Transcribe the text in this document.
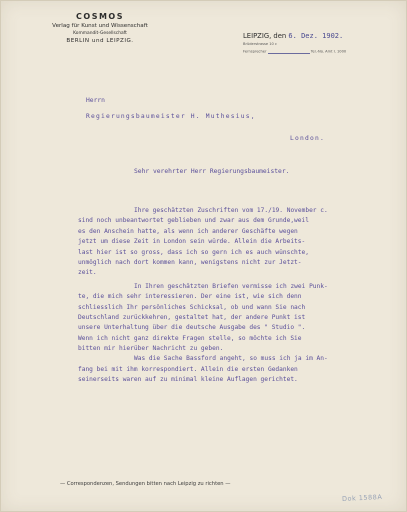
COSMOS
Verlag für Kunst und Wissenschaft
Kommandit-Gesellschaft
BERLIN und LEIPZIG.
LEIPZIG, den 6. Dez. 1902.
Brüderstrasse 10 c
Fernsprecher	Tel.-No. Amt I. 1000
Herrn
Regierungsbaumeister H. Muthesius,
London.
Sehr verehrter Herr Regierungsbaumeister.
Ihre geschätzten Zuschriften vom 17./19. November c.
sind noch unbeantwortet geblieben und zwar aus dem Grunde,weil
es den Anschein hatte, als wenn ich anderer Geschäfte wegen
jetzt um diese Zeit in London sein würde. Allein die Arbeits-
last hier ist so gross, dass ich so gern ich es auch wünschte,
unmöglich nach dort kommen kann, wenigstens nicht zur Jetzt-
zeit.
In Ihren geschätzten Briefen vermisse ich zwei Punk-
te, die mich sehr interessieren. Der eine ist, wie sich denn
schliesslich Ihr persönliches Schicksal, ob und wann Sie nach
Deutschland zurückkehren, gestaltet hat, der andere Punkt ist
unsere Unterhaltung über die deutsche Ausgabe des " Studio ".
Wenn ich nicht ganz direkte Fragen stelle, so möchte ich Sie
bitten mir hierüber Nachricht zu geben.
Was die Sache Bassford angeht, so muss ich ja im An-
fang bei mit ihm korrespondiert. Allein die ersten Gedanken
seinerseits waren auf zu minimal kleine Auflagen gerichtet.
— Correspondenzen, Sendungen bitten nach Leipzig zu richten —
Dok 1588A
